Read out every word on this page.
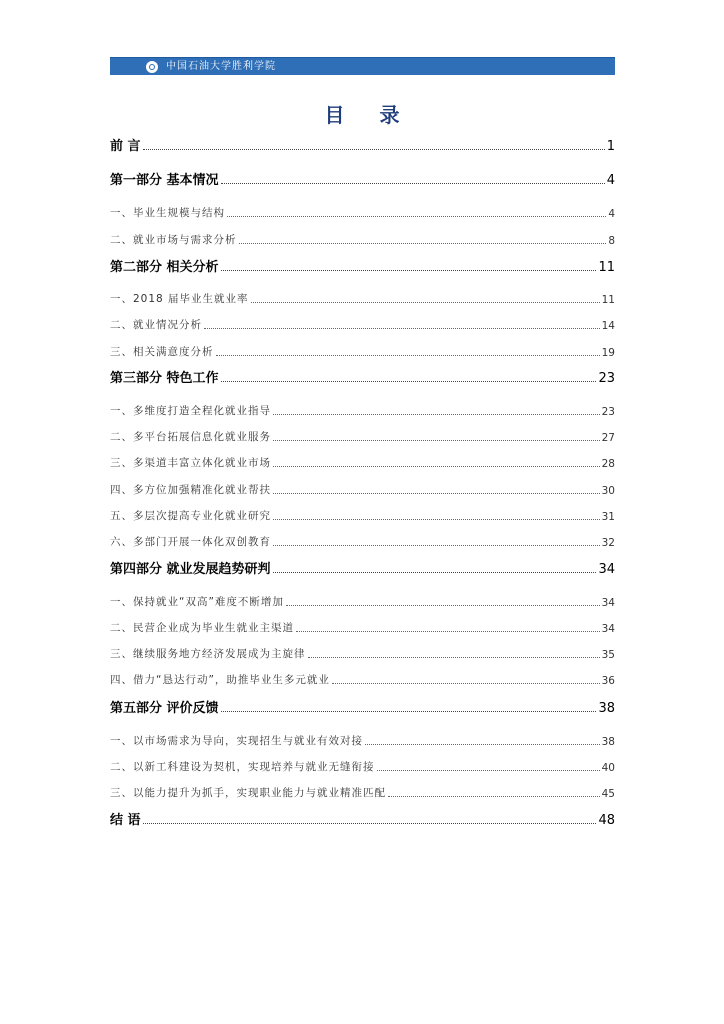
中国石油大学胜利学院
目 录
前 言	1
第一部分 基本情况	4
一、毕业生规模与结构	4
二、就业市场与需求分析	8
第二部分 相关分析	11
一、2018 届毕业生就业率	11
二、就业情况分析	14
三、相关满意度分析	19
第三部分 特色工作	23
一、多维度打造全程化就业指导	23
二、多平台拓展信息化就业服务	27
三、多渠道丰富立体化就业市场	28
四、多方位加强精准化就业帮扶	30
五、多层次提高专业化就业研究	31
六、多部门开展一体化双创教育	32
第四部分 就业发展趋势研判	34
一、保持就业“双高”难度不断增加	34
二、民营企业成为毕业生就业主渠道	34
三、继续服务地方经济发展成为主旋律	35
四、借力“恳达行动”，助推毕业生多元就业	36
第五部分 评价反馈	38
一、以市场需求为导向，实现招生与就业有效对接	38
二、以新工科建设为契机，实现培养与就业无缝衔接	40
三、以能力提升为抓手，实现职业能力与就业精准匹配	45
结 语	48
